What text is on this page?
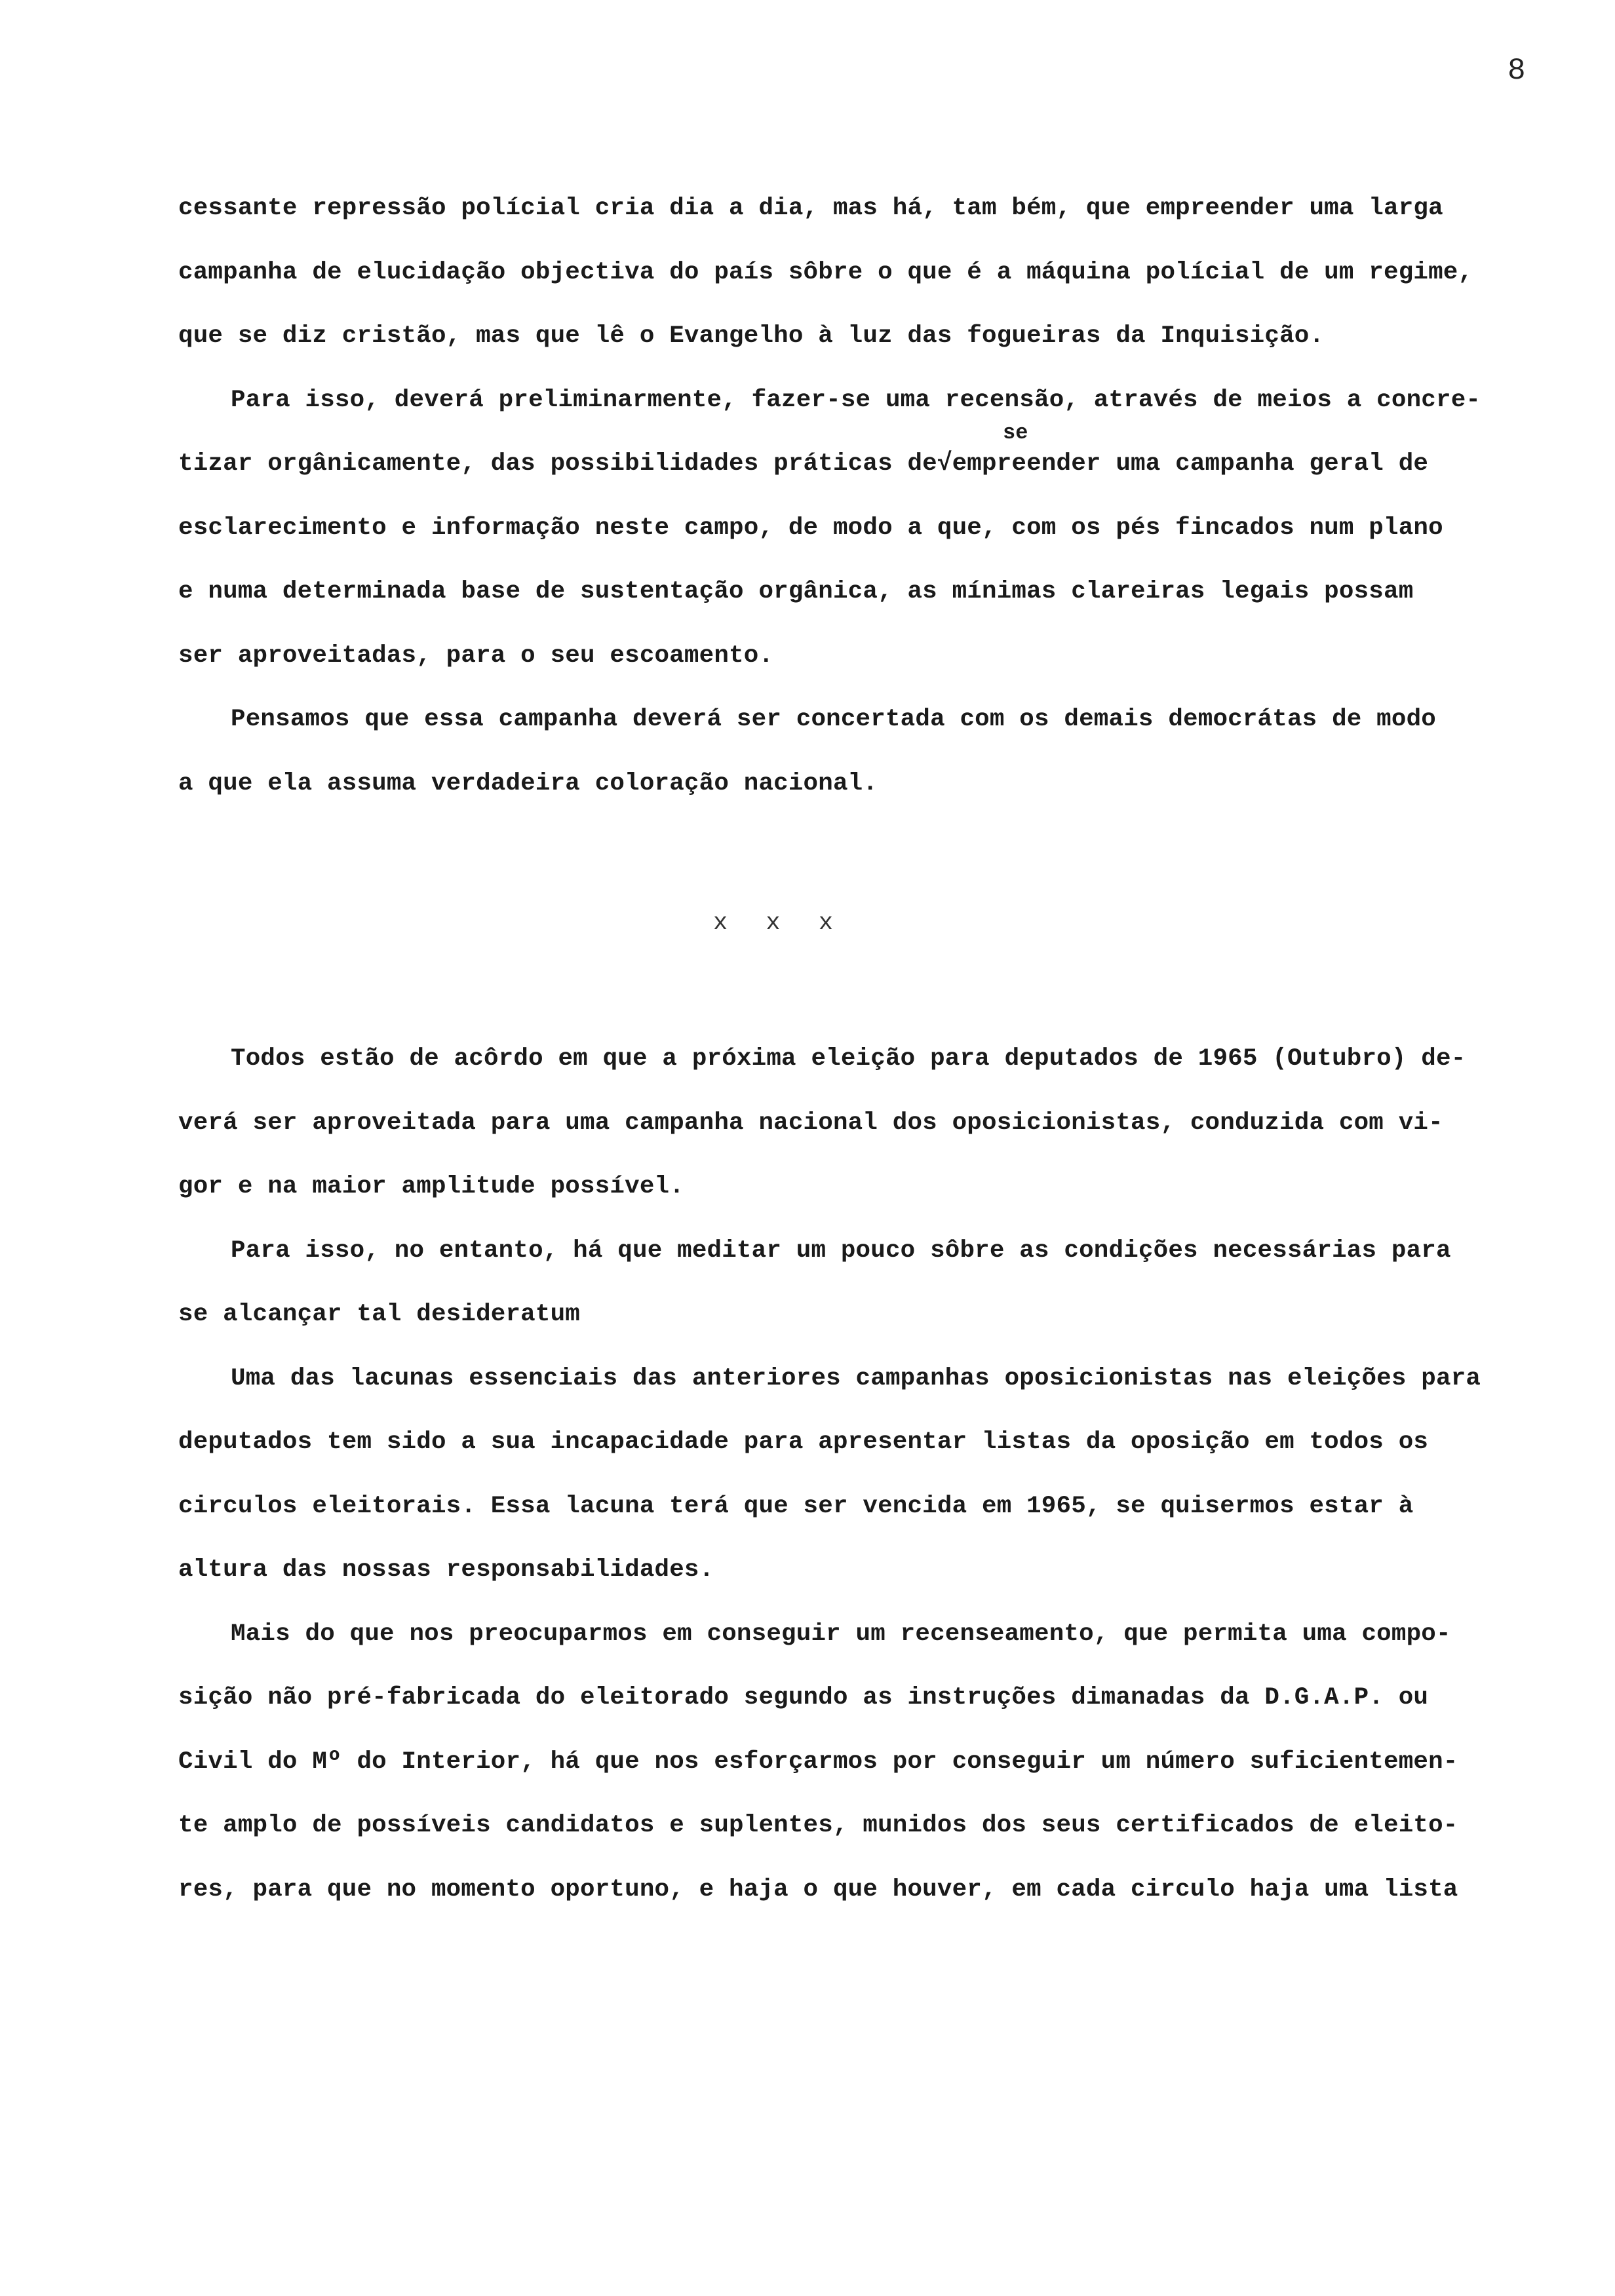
8
se
cessante repressão polícial cria dia a dia, mas há, tam bém, que empreender uma larga
campanha de elucidação objectiva do país sôbre o que é a máquina polícial de um regime,
que se diz cristão, mas que lê o Evangelho à luz das fogueiras da Inquisição.
Para isso, deverá preliminarmente, fazer-se uma recensão, através de meios a concre-
tizar orgânicamente, das possibilidades práticas de√empreender uma campanha geral de
esclarecimento e informação neste campo, de modo a que, com os pés fincados num plano
e numa determinada base de sustentação orgânica, as mínimas clareiras legais possam
ser aproveitadas, para o seu escoamento.
Pensamos que essa campanha deverá ser concertada com os demais democrátas de modo
a que ela assuma verdadeira coloração nacional.
x x x
Todos estão de acôrdo em que a próxima eleição para deputados de 1965 (Outubro) de-
verá ser aproveitada para uma campanha nacional dos oposicionistas, conduzida com vi-
gor e na maior amplitude possível.
Para isso, no entanto, há que meditar um pouco sôbre as condições necessárias para
se alcançar tal desideratum
Uma das lacunas essenciais das anteriores campanhas oposicionistas nas eleições para
deputados tem sido a sua incapacidade para apresentar listas da oposição em todos os
circulos eleitorais. Essa lacuna terá que ser vencida em 1965, se quisermos estar à
altura das nossas responsabilidades.
Mais do que nos preocuparmos em conseguir um recenseamento, que permita uma compo-
sição não pré-fabricada do eleitorado segundo as instruções dimanadas da D.G.A.P. ou
Civil do Mº do Interior, há que nos esforçarmos por conseguir um número suficientemen-
te amplo de possíveis candidatos e suplentes, munidos dos seus certificados de eleito-
res, para que no momento oportuno, e haja o que houver, em cada circulo haja uma lista
